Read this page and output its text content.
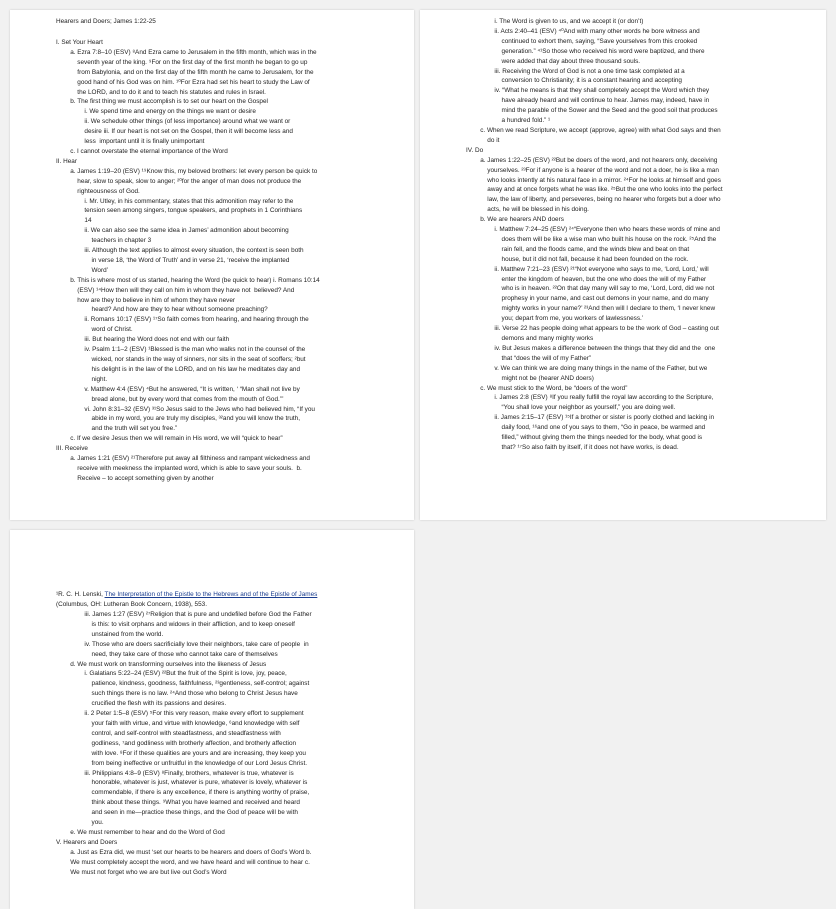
Hearers and Doers; James 1:22-25
I. Set Your Heart
a. Ezra 7:8–10 (ESV) ⁸And Ezra came to Jerusalem in the fifth month, which was in the
seventh year of the king. ⁹For on the first day of the first month he began to go up
from Babylonia, and on the first day of the fifth month he came to Jerusalem, for the
good hand of his God was on him. ¹⁰For Ezra had set his heart to study the Law of
the LORD, and to do it and to teach his statutes and rules in Israel.
b. The first thing we must accomplish is to set our heart on the Gospel
i. We spend time and energy on the things we want or desire
ii. We schedule other things (of less importance) around what we want or
desire iii. If our heart is not set on the Gospel, then it will become less and
less  important until it is finally unimportant
c. I cannot overstate the eternal importance of the Word
II. Hear
a. James 1:19–20 (ESV) ¹⁹Know this, my beloved brothers: let every person be quick to
hear, slow to speak, slow to anger; ²⁰for the anger of man does not produce the
righteousness of God.
i. Mr. Utley, in his commentary, states that this admonition may refer to the
tension seen among singers, tongue speakers, and prophets in 1 Corinthians
14
ii. We can also see the same idea in James’ admonition about becoming
teachers in chapter 3
iii. Although the text applies to almost every situation, the context is seen both
in verse 18, ‘the Word of Truth’ and in verse 21, ‘receive the implanted
Word’
b. This is where most of us started, hearing the Word (be quick to hear) i. Romans 10:14
(ESV) ¹⁴How then will they call on him in whom they have not  believed? And
how are they to believe in him of whom they have never
heard? And how are they to hear without someone preaching?
ii. Romans 10:17 (ESV) ¹⁷So faith comes from hearing, and hearing through the
word of Christ.
iii. But hearing the Word does not end with our faith
iv. Psalm 1:1–2 (ESV) ¹Blessed is the man who walks not in the counsel of the
wicked, nor stands in the way of sinners, nor sits in the seat of scoffers; ²but
his delight is in the law of the LORD, and on his law he meditates day and
night.
v. Matthew 4:4 (ESV) ⁴But he answered, “It is written, ‘ “Man shall not live by
bread alone, but by every word that comes from the mouth of God.’”
vi. John 8:31–32 (ESV) ³¹So Jesus said to the Jews who had believed him, “If you
abide in my word, you are truly my disciples, ³²and you will know the truth,
and the truth will set you free.”
c. If we desire Jesus then we will remain in His word, we will “quick to hear”
III. Receive
a. James 1:21 (ESV) ²¹Therefore put away all filthiness and rampant wickedness and
receive with meekness the implanted word, which is able to save your souls.  b.
Receive – to accept something given by another
i. The Word is given to us, and we accept it (or don’t)
ii. Acts 2:40–41 (ESV) ⁴⁰And with many other words he bore witness and
continued to exhort them, saying, “Save yourselves from this crooked
generation.” ⁴¹So those who received his word were baptized, and there
were added that day about three thousand souls.
iii. Receiving the Word of God is not a one time task completed at a
conversion to Christianity; it is a constant hearing and accepting
iv. “What he means is that they shall completely accept the Word which they
have already heard and will continue to hear. James may, indeed, have in
mind the parable of the Sower and the Seed and the good soil that produces
a hundred fold.” ¹
c. When we read Scripture, we accept (approve, agree) with what God says and then
do it
IV. Do
a. James 1:22–25 (ESV) ²²But be doers of the word, and not hearers only, deceiving
yourselves. ²³For if anyone is a hearer of the word and not a doer, he is like a man
who looks intently at his natural face in a mirror. ²⁴For he looks at himself and goes
away and at once forgets what he was like. ²⁵But the one who looks into the perfect
law, the law of liberty, and perseveres, being no hearer who forgets but a doer who
acts, he will be blessed in his doing.
b. We are hearers AND doers
i. Matthew 7:24–25 (ESV) ²⁴“Everyone then who hears these words of mine and
does them will be like a wise man who built his house on the rock. ²⁵And the
rain fell, and the floods came, and the winds blew and beat on that
house, but it did not fall, because it had been founded on the rock.
ii. Matthew 7:21–23 (ESV) ²¹“Not everyone who says to me, ‘Lord, Lord,’ will
enter the kingdom of heaven, but the one who does the will of my Father
who is in heaven. ²²On that day many will say to me, ‘Lord, Lord, did we not
prophesy in your name, and cast out demons in your name, and do many
mighty works in your name?’ ²³And then will I declare to them, ‘I never knew
you; depart from me, you workers of lawlessness.’
iii. Verse 22 has people doing what appears to be the work of God – casting out
demons and many mighty works
iv. But Jesus makes a difference between the things that they did and the  one
that “does the will of my Father”
v. We can think we are doing many things in the name of the Father, but we
might not be (hearer AND doers)
c. We must stick to the Word, be “doers of the word”
i. James 2:8 (ESV) ⁸If you really fulfill the royal law according to the Scripture,
“You shall love your neighbor as yourself,” you are doing well.
ii. James 2:15–17 (ESV) ¹⁵If a brother or sister is poorly clothed and lacking in
daily food, ¹⁶and one of you says to them, “Go in peace, be warmed and
filled,” without giving them the things needed for the body, what good is
that? ¹⁷So also faith by itself, if it does not have works, is dead.
¹R. C. H. Lenski, The Interpretation of the Epistle to the Hebrews and of the Epistle of James
(Columbus, OH: Lutheran Book Concern, 1938), 553.
iii. James 1:27 (ESV) ²⁷Religion that is pure and undefiled before God the Father
is this: to visit orphans and widows in their affliction, and to keep oneself
unstained from the world.
iv. Those who are doers sacrificially love their neighbors, take care of people  in
need, they take care of those who cannot take care of themselves
d. We must work on transforming ourselves into the likeness of Jesus
i. Galatians 5:22–24 (ESV) ²²But the fruit of the Spirit is love, joy, peace,
patience, kindness, goodness, faithfulness, ²³gentleness, self-control; against
such things there is no law. ²⁴And those who belong to Christ Jesus have
crucified the flesh with its passions and desires.
ii. 2 Peter 1:5–8 (ESV) ⁵For this very reason, make every effort to supplement
your faith with virtue, and virtue with knowledge, ⁶and knowledge with self
control, and self-control with steadfastness, and steadfastness with
godliness, ⁷and godliness with brotherly affection, and brotherly affection
with love. ⁸For if these qualities are yours and are increasing, they keep you
from being ineffective or unfruitful in the knowledge of our Lord Jesus Christ.
iii. Philippians 4:8–9 (ESV) ⁸Finally, brothers, whatever is true, whatever is
honorable, whatever is just, whatever is pure, whatever is lovely, whatever is
commendable, if there is any excellence, if there is anything worthy of praise,
think about these things. ⁹What you have learned and received and heard
and seen in me—practice these things, and the God of peace will be with
you.
e. We must remember to hear and do the Word of God
V. Hearers and Doers
a. Just as Ezra did, we must ‘set our hearts to be hearers and doers of God’s Word b.
We must completely accept the word, and we have heard and will continue to hear c.
We must not forget who we are but live out God’s Word
